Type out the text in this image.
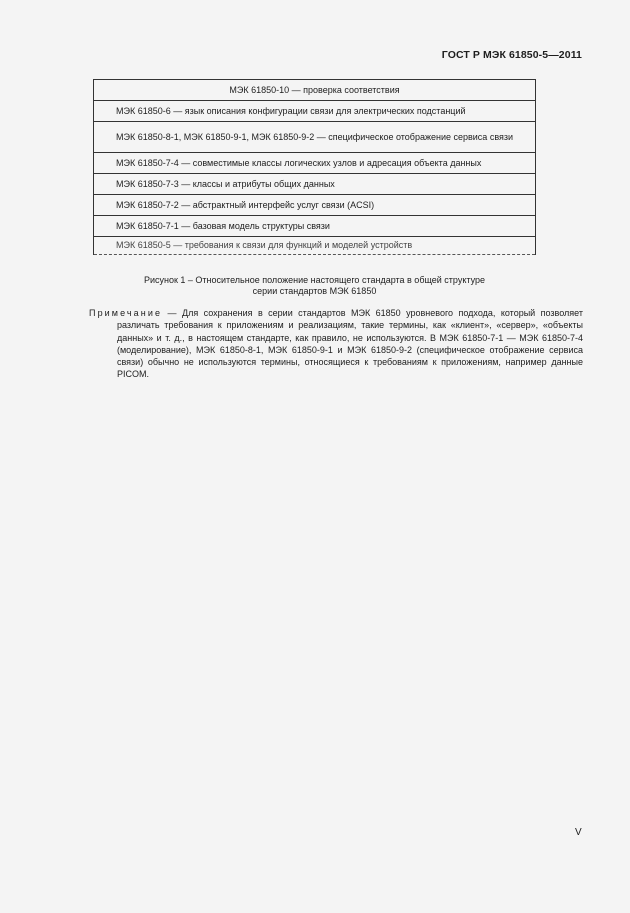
ГОСТ Р МЭК 61850-5—2011
МЭК 61850-10 — проверка соответствия
МЭК 61850-6 — язык описания конфигурации связи для электрических подстанций
МЭК 61850-8-1, МЭК 61850-9-1, МЭК 61850-9-2 — специфическое отображение сервиса связи
МЭК 61850-7-4 — совместимые классы логических узлов и адресация объекта данных
МЭК 61850-7-3 — классы и атрибуты общих данных
МЭК 61850-7-2 — абстрактный интерфейс услуг связи (ACSI)
МЭК 61850-7-1 — базовая модель структуры связи
МЭК 61850-5 — требования к связи для функций и моделей устройств
Рисунок 1 – Относительное положение настоящего стандарта в общей структуре
серии стандартов МЭК 61850
Примечание — Для сохранения в серии стандартов МЭК 61850 уровневого подхода, который позволяет различать требования к приложениям и реализациям, такие термины, как «клиент», «сервер», «объекты данных» и т. д., в настоящем стандарте, как правило, не используются. В МЭК 61850-7-1 — МЭК 61850-7-4 (моделирование), МЭК 61850-8-1, МЭК 61850-9-1 и МЭК 61850-9-2 (специфическое отображение сервиса связи) обычно не используются термины, относящиеся к требованиям к приложениям, например данные PICOM.
V
